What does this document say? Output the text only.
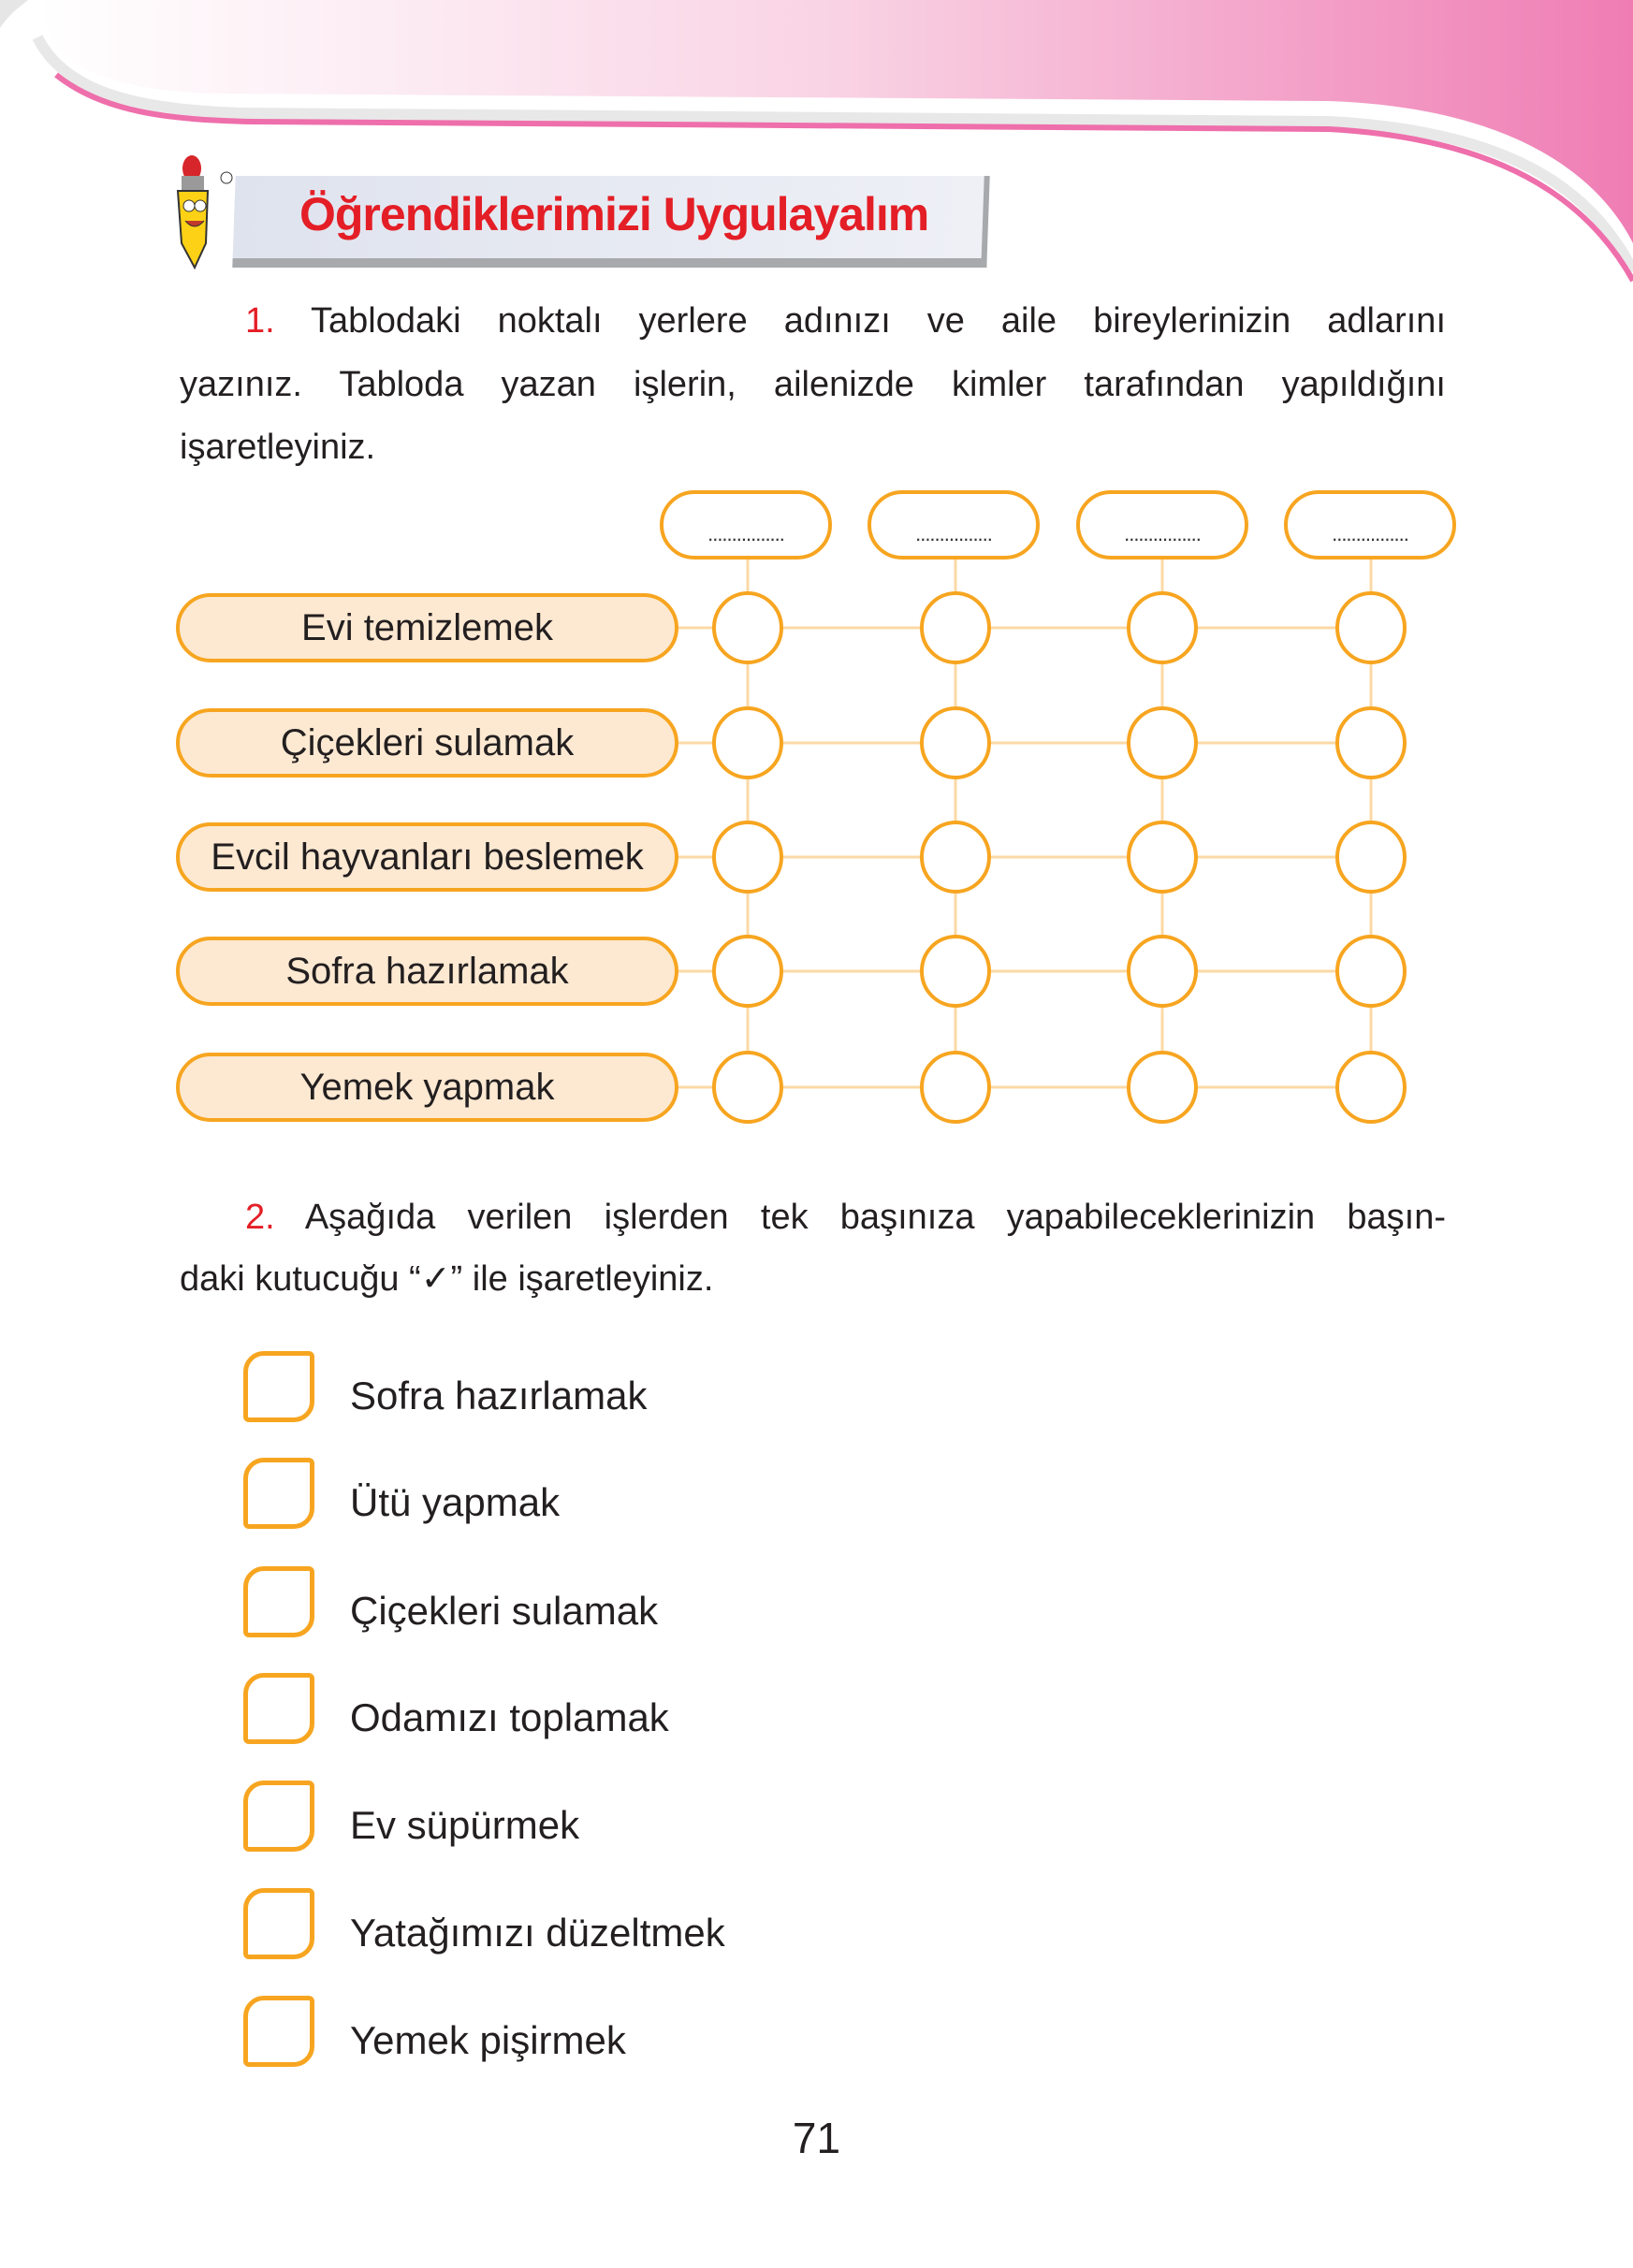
Öğrendiklerimizi Uygulayalım
1. Tablodaki noktalı yerlere adınızı ve aile bireylerinizin adlarını
yazınız. Tabloda yazan işlerin, ailenizde kimler tarafından yapıldığını
işaretleyiniz.
................	................	................	................
Evi temizlemek
Çiçekleri sulamak
Evcil hayvanları beslemek
Sofra hazırlamak
Yemek yapmak
2. Aşağıda verilen işlerden tek başınıza yapabileceklerinizin başın-
daki kutucuğu “✓” ile işaretleyiniz.
Sofra hazırlamak
Ütü yapmak
Çiçekleri sulamak
Odamızı toplamak
Ev süpürmek
Yatağımızı düzeltmek
Yemek pişirmek
71
